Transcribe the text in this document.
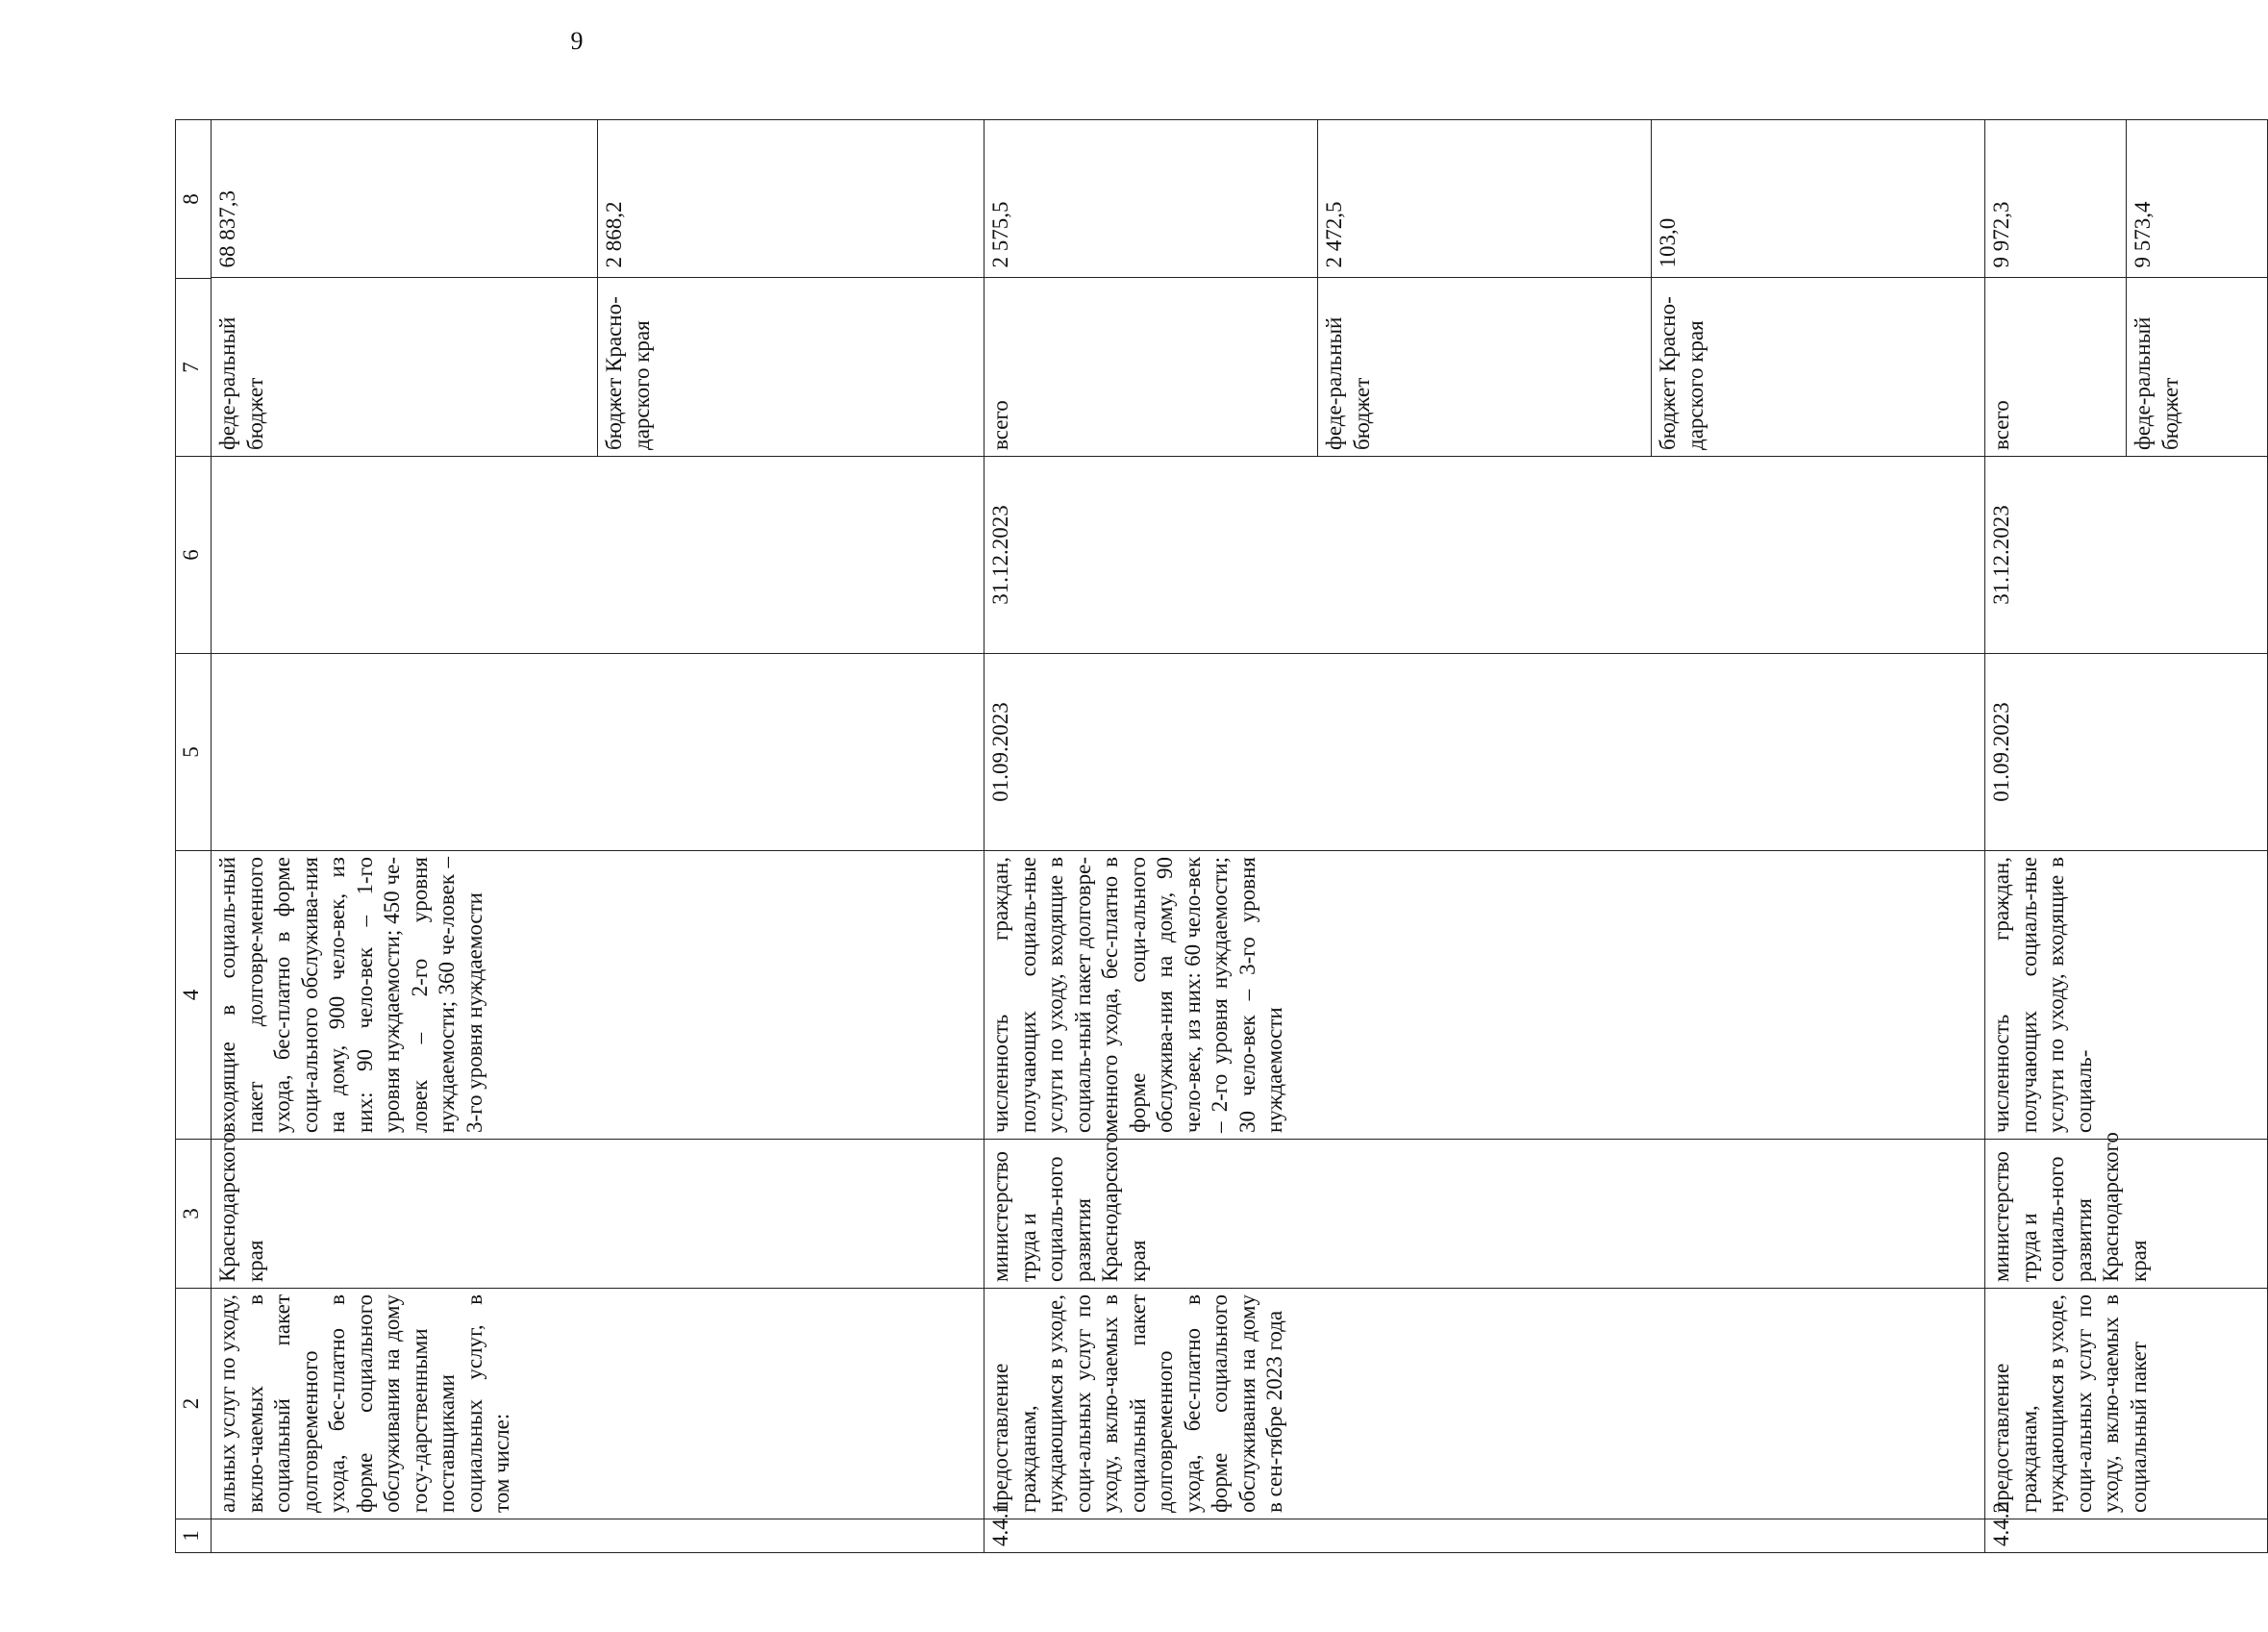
9
1	2	3	4	5	6	7	8
	альных услуг по уходу, вклю-чаемых в социальный пакет долговременного ухода, бес-платно в форме социального обслуживания на дому госу-дарственными поставщиками социальных услуг, в том числе:	Краснодарского края	входящие в социаль-ный пакет долговре-менного ухода, бес-платно в форме соци-ального обслужива-ния на дому, 900 чело-век, из них: 90 чело-век – 1-го уровня нуждаемости; 450 че-ловек – 2-го уровня нуждаемости; 360 че-ловек – 3-го уровня нуждаемости			
феде-ральный бюджет	68 837,3
бюджет Красно-дарского края	2 868,2

4.4.1	предоставление гражданам, нуждающимся в уходе, соци-альных услуг по уходу, вклю-чаемых в социальный пакет долговременного ухода, бес-платно в форме социального обслуживания на дому в сен-тябре 2023 года	министерство труда и социаль-ного развития Краснодарского края	численность граждан, получающих социаль-ные услуги по уходу, входящие в социаль-ный пакет долговре-менного ухода, бес-платно в форме соци-ального обслужива-ния на дому, 90 чело-век, из них: 60 чело-век – 2-го уровня нуждаемости; 30 чело-век – 3-го уровня нуждаемости	01.09.2023	31.12.2023	
всего	2 575,5
феде-ральный бюджет	2 472,5
бюджет Красно-дарского края	103,0

4.4.2	предоставление гражданам, нуждающимся в уходе, соци-альных услуг по уходу, вклю-чаемых в социальный пакет	министерство труда и социаль-ного развития Краснодарского края	численность граждан, получающих социаль-ные услуги по уходу, входящие в социаль-	01.09.2023	31.12.2023	
всего	9 972,3
феде-ральный бюджет	9 573,4
